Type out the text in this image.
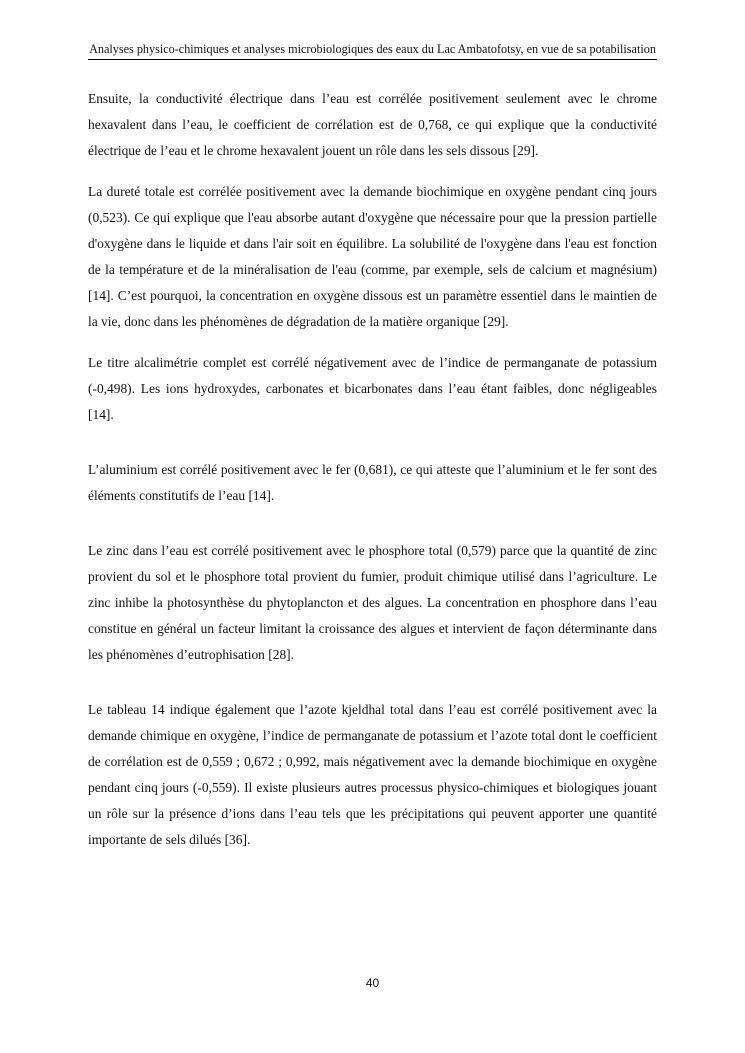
Analyses physico-chimiques et analyses microbiologiques des eaux du Lac Ambatofotsy, en vue de sa potabilisation

Ensuite, la conductivité électrique dans l’eau est corrélée positivement seulement avec le chrome hexavalent dans l’eau, le coefficient de corrélation est de 0,768, ce qui explique que la conductivité électrique de l’eau et le chrome hexavalent jouent un rôle dans les sels dissous [29].

La dureté totale est corrélée positivement avec la demande biochimique en oxygène pendant cinq jours (0,523). Ce qui explique que l'eau absorbe autant d'oxygène que nécessaire pour que la pression partielle d'oxygène dans le liquide et dans l'air soit en équilibre. La solubilité de l'oxygène dans l'eau est fonction de la température et de la minéralisation de l'eau (comme, par exemple, sels de calcium et magnésium) [14]. C’est pourquoi, la concentration en oxygène dissous est un paramètre essentiel dans le maintien de la vie, donc dans les phénomènes de dégradation de la matière organique [29].

Le titre alcalimétrie complet est corrélé négativement avec de l’indice de permanganate de potassium (-0,498). Les ions hydroxydes, carbonates et bicarbonates dans l’eau étant faibles, donc négligeables [14].

L’aluminium est corrélé positivement avec le fer (0,681), ce qui atteste que l’aluminium et le fer sont des éléments constitutifs de l’eau [14].

Le zinc dans l’eau est corrélé positivement avec le phosphore total (0,579) parce que la quantité de zinc provient du sol et le phosphore total provient du fumier, produit chimique utilisé dans l’agriculture. Le zinc inhibe la photosynthèse du phytoplancton et des algues. La concentration en phosphore dans l’eau constitue en général un facteur limitant la croissance des algues et intervient de façon déterminante dans les phénomènes d’eutrophisation [28].

Le tableau 14 indique également que l’azote kjeldhal total dans l’eau est corrélé positivement avec la demande chimique en oxygène, l’indice de permanganate de potassium et l’azote total dont le coefficient de corrélation est de 0,559 ; 0,672 ; 0,992, mais négativement avec la demande biochimique en oxygène pendant cinq jours (-0,559). Il existe plusieurs autres processus physico-chimiques et biologiques jouant un rôle sur la présence d’ions dans l’eau tels que les précipitations qui peuvent apporter une quantité importante de sels dilués [36].

40
